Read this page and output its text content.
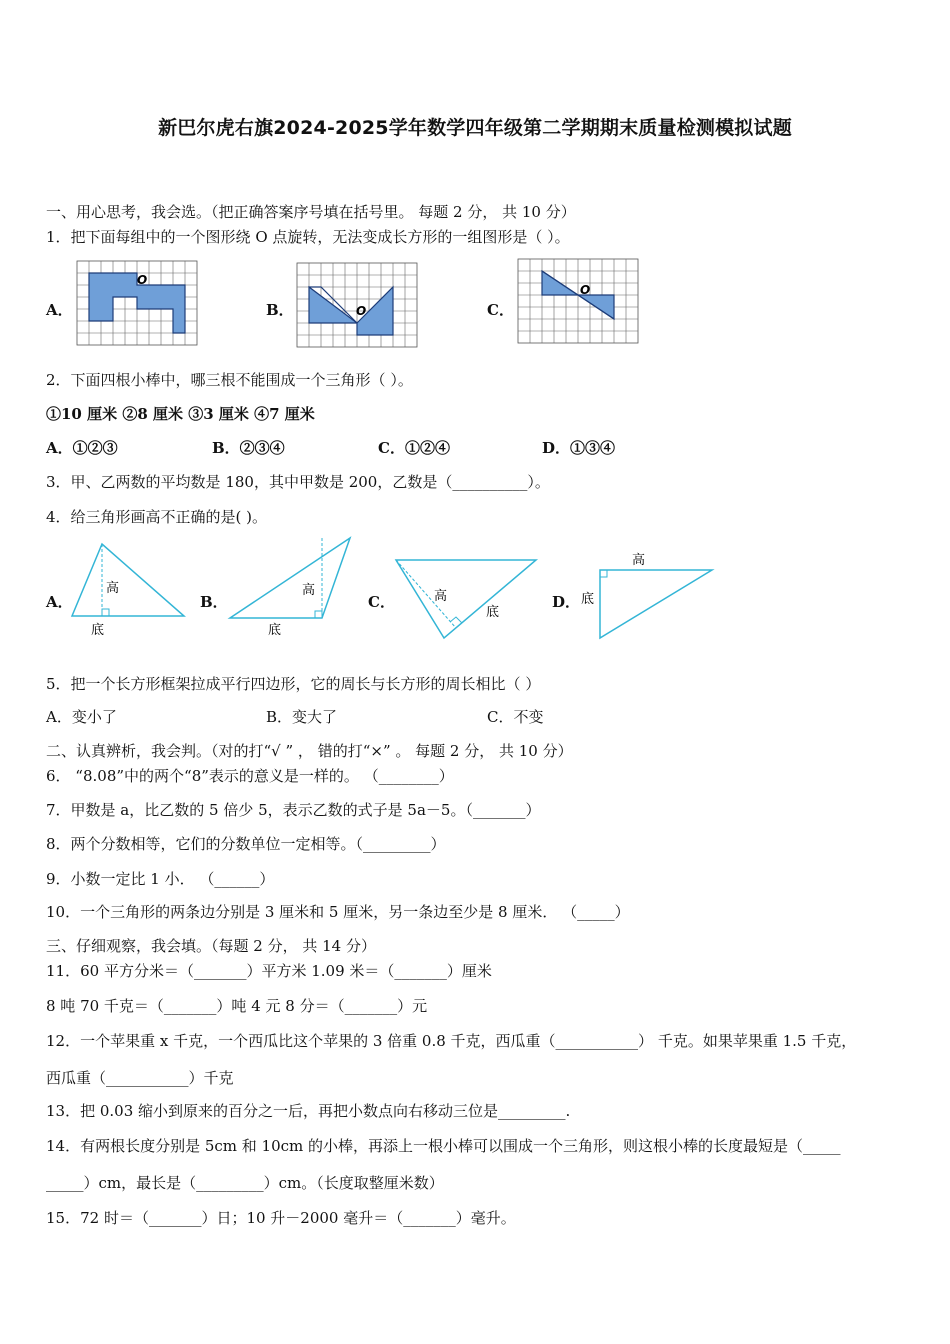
新巴尔虎右旗2024-2025学年数学四年级第二学期期末质量检测模拟试题
一、用心思考，我会选。（把正确答案序号填在括号里。 每题 2 分， 共 10 分）
1．把下面每组中的一个图形绕 O 点旋转，无法变成长方形的一组图形是（ ）。
A．	B．	C．
O
O
O
2．下面四根小棒中，哪三根不能围成一个三角形（ ）。
①10 厘米 ②8 厘米 ③3 厘米 ④7 厘米
A．①②③	B．②③④	C．①②④	D．①③④
3．甲、乙两数的平均数是 180，其中甲数是 200，乙数是（__________）。
4．给三角形画高不正确的是( )。
A．
高
底
B．
高
底
C．	高
底
D．
高
底
5．把一个长方形框架拉成平行四边形，它的周长与长方形的周长相比（ ）
A．变小了	B．变大了	C．不变
二、认真辨析，我会判。（对的打“√ ” ， 错的打“×” 。 每题 2 分， 共 10 分）
6． “8.08”中的两个“8”表示的意义是一样的。 （________）
7．甲数是 a，比乙数的 5 倍少 5，表示乙数的式子是 5a－5。（_______）
8．两个分数相等，它们的分数单位一定相等。（_________）
9．小数一定比 1 小． （______）
10．一个三角形的两条边分别是 3 厘米和 5 厘米，另一条边至少是 8 厘米． （_____）
三、仔细观察，我会填。（每题 2 分， 共 14 分）
11．60 平方分米＝（_______）平方米 1.09 米＝（_______）厘米
8 吨 70 千克＝（_______）吨 4 元 8 分＝（_______）元
12．一个苹果重 x 千克，一个西瓜比这个苹果的 3 倍重 0.8 千克，西瓜重（___________） 千克。如果苹果重 1.5 千克，
西瓜重（___________）千克
13．把 0.03 缩小到原来的百分之一后，再把小数点向右移动三位是_________.
14．有两根长度分别是 5cm 和 10cm 的小棒，再添上一根小棒可以围成一个三角形，则这根小棒的长度最短是（_____
_____）cm，最长是（_________）cm。（长度取整厘米数）
15．72 时＝（_______）日；10 升－2000 毫升＝（_______）毫升。
